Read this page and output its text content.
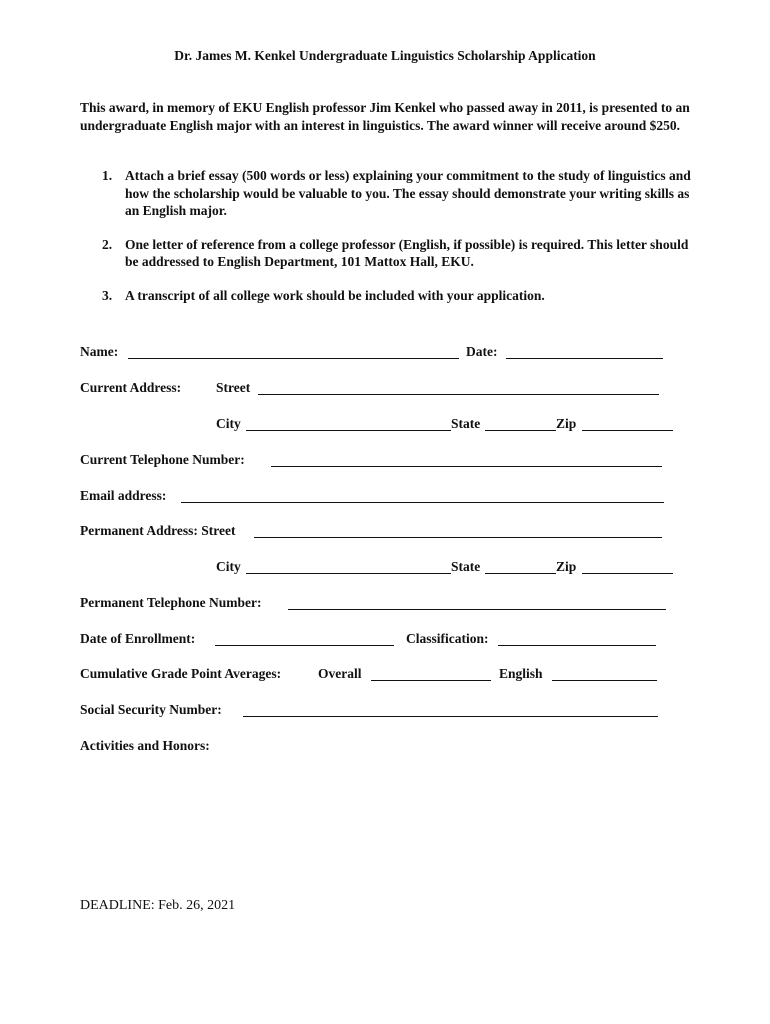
Dr. James M. Kenkel Undergraduate Linguistics Scholarship Application
This award, in memory of EKU English professor Jim Kenkel who passed away in 2011, is presented to an undergraduate English major with an interest in linguistics. The award winner will receive around $250.
1. Attach a brief essay (500 words or less) explaining your commitment to the study of linguistics and how the scholarship would be valuable to you. The essay should demonstrate your writing skills as an English major.
2. One letter of reference from a college professor (English, if possible) is required. This letter should be addressed to English Department, 101 Mattox Hall, EKU.
3. A transcript of all college work should be included with your application.
Name:	Date:
Current Address:	Street
City	State	Zip
Current Telephone Number:
Email address:
Permanent Address: Street
City	State	Zip
Permanent Telephone Number:
Date of Enrollment:	Classification:
Cumulative Grade Point Averages:	Overall	English
Social Security Number:
Activities and Honors:
DEADLINE: Feb. 26, 2021
